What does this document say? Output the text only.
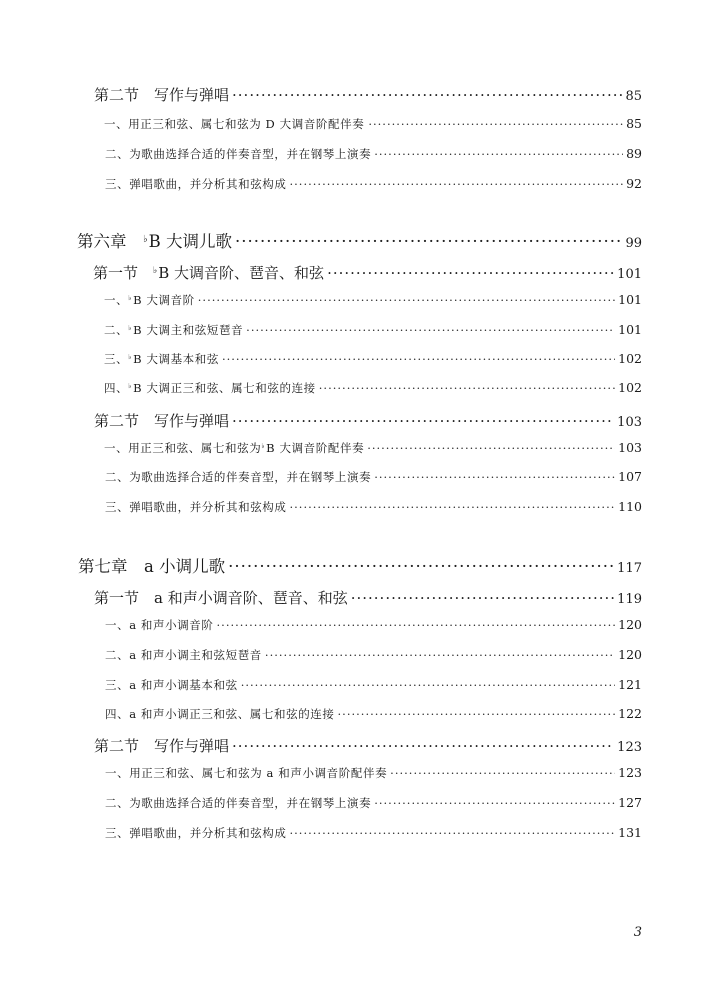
第二节　写作与弹唱 ·····	85
一、用正三和弦、属七和弦为 D 大调音阶配伴奏 ·····	85
二、为歌曲选择合适的伴奏音型，并在钢琴上演奏 ·····	89
三、弹唱歌曲，并分析其和弦构成 ·····	92
第六章　♭B 大调儿歌 ·····	99
第一节　♭B 大调音阶、琶音、和弦 ·····	101
一、♭B 大调音阶 ·····	101
二、♭B 大调主和弦短琶音 ·····	101
三、♭B 大调基本和弦 ·····	102
四、♭B 大调正三和弦、属七和弦的连接 ·····	102
第二节　写作与弹唱 ·····	103
一、用正三和弦、属七和弦为♭B 大调音阶配伴奏 ·····	103
二、为歌曲选择合适的伴奏音型，并在钢琴上演奏 ·····	107
三、弹唱歌曲，并分析其和弦构成 ·····	110
第七章　a 小调儿歌 ·····	117
第一节　a 和声小调音阶、琶音、和弦 ·····	119
一、a 和声小调音阶 ·····	120
二、a 和声小调主和弦短琶音 ·····	120
三、a 和声小调基本和弦 ·····	121
四、a 和声小调正三和弦、属七和弦的连接 ·····	122
第二节　写作与弹唱 ·····	123
一、用正三和弦、属七和弦为 a 和声小调音阶配伴奏 ·····	123
二、为歌曲选择合适的伴奏音型，并在钢琴上演奏 ·····	127
三、弹唱歌曲，并分析其和弦构成 ·····	131
3
